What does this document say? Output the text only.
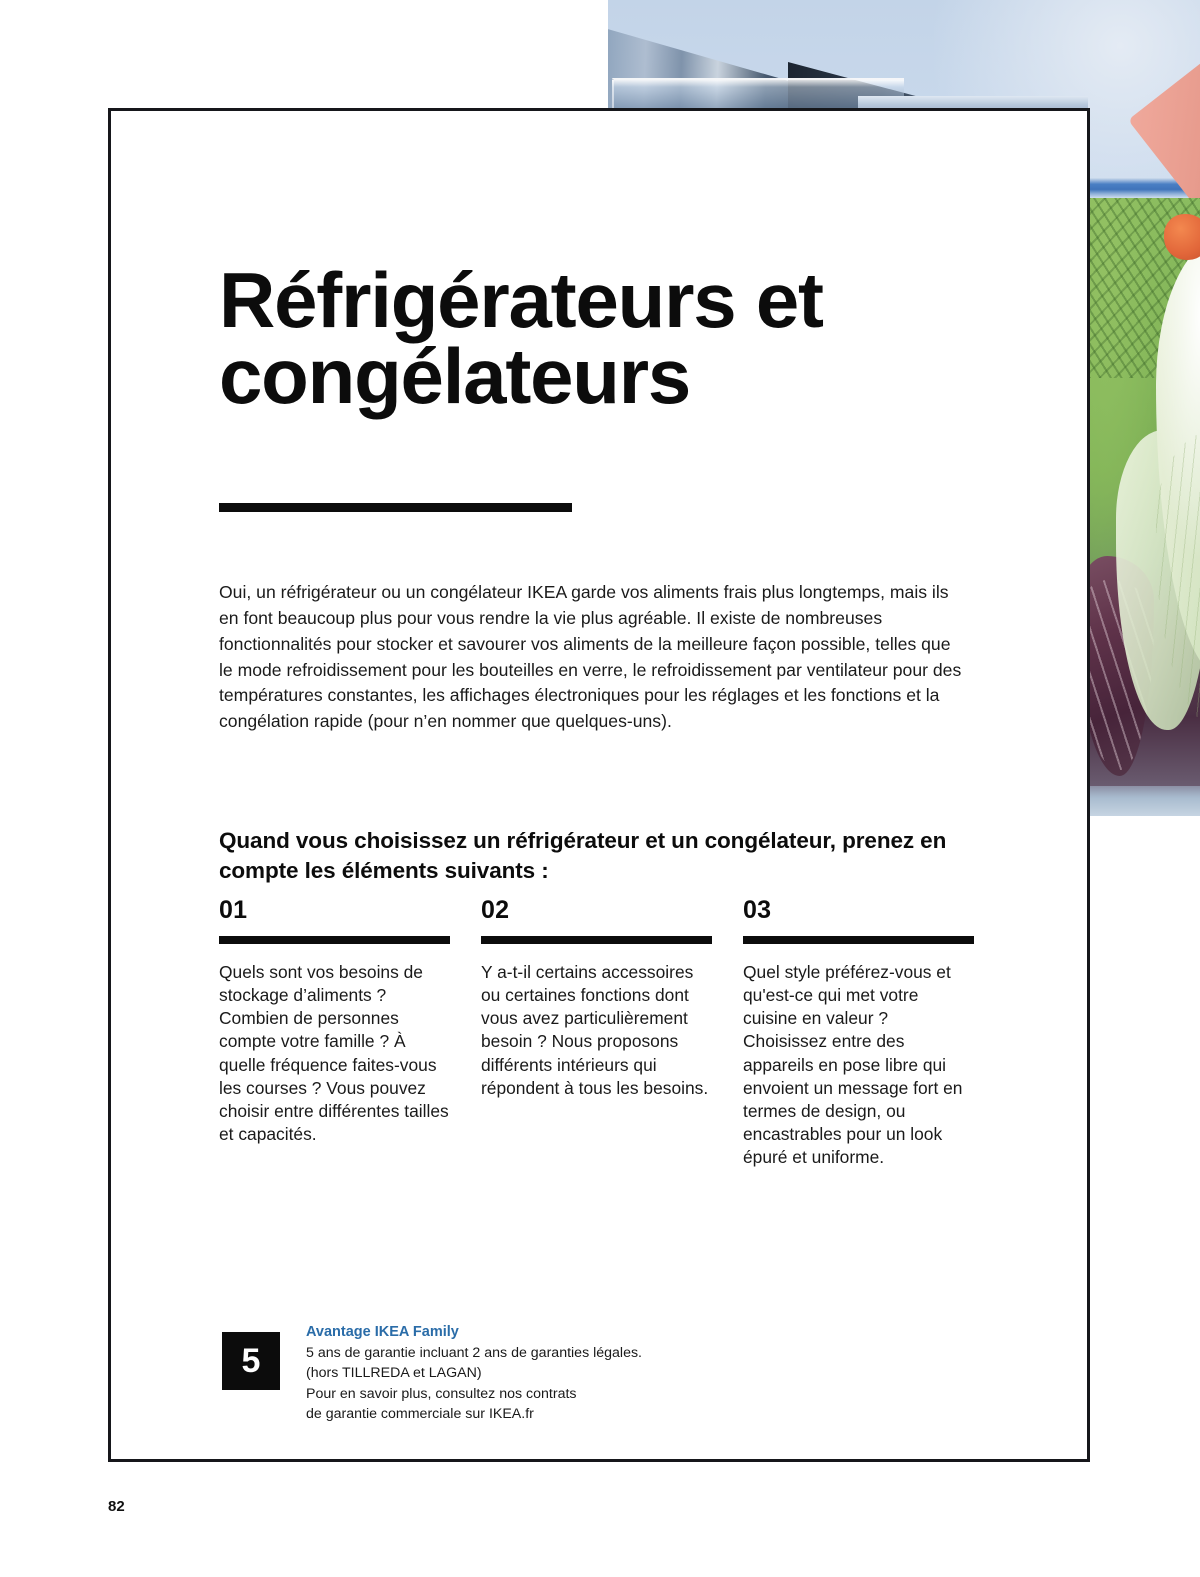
Réfrigérateurs et congélateurs

Oui, un réfrigérateur ou un congélateur IKEA garde vos aliments frais plus longtemps, mais ils en font beaucoup plus pour vous rendre la vie plus agréable. Il existe de nombreuses fonctionnalités pour stocker et savourer vos aliments de la meilleure façon possible, telles que le mode refroidissement pour les bouteilles en verre, le refroidissement par ventilateur pour des températures constantes, les affichages électroniques pour les réglages et les fonctions et la congélation rapide (pour n’en nommer que quelques-uns).

Quand vous choisissez un réfrigérateur et un congélateur, prenez en compte les éléments suivants :
01
Quels sont vos besoins de stockage d’aliments ? Combien de personnes compte votre famille ? À quelle fréquence faites-vous les courses ? Vous pouvez choisir entre différentes tailles et capacités.
02
Y a-t-il certains accessoires ou certaines fonctions dont vous avez particulièrement besoin ? Nous proposons différents intérieurs qui répondent à tous les besoins.
03
Quel style préférez-vous et qu'est-ce qui met votre cuisine en valeur ? Choisissez entre des appareils en pose libre qui envoient un message fort en termes de design, ou encastrables pour un look épuré et uniforme.
5
Avantage IKEA Family
5 ans de garantie incluant 2 ans de garanties légales.
(hors TILLREDA et LAGAN)
Pour en savoir plus, consultez nos contrats
de garantie commerciale sur IKEA.fr
82
